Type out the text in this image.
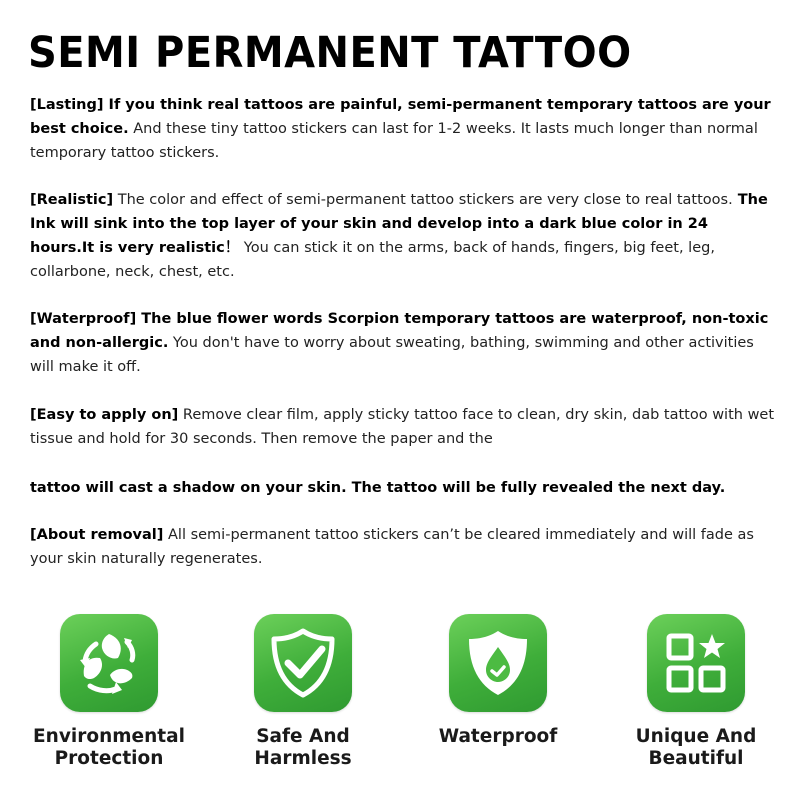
SEMI PERMANENT TATTOO

[Lasting] If you think real tattoos are painful, semi-permanent temporary tattoos are your best choice. And these tiny tattoo stickers can last for 1-2 weeks. It lasts much longer than normal temporary tattoo stickers.

[Realistic] The color and effect of semi-permanent tattoo stickers are very close to real tattoos. The Ink will sink into the top layer of your skin and develop into a dark blue color in 24 hours.It is very realistic！ You can stick it on the arms, back of hands, fingers, big feet, leg, collarbone, neck, chest, etc.

[Waterproof] The blue flower words Scorpion temporary tattoos are waterproof, non-toxic and non-allergic. You don't have to worry about sweating, bathing, swimming and other activities will make it off.

[Easy to apply on] Remove clear film, apply sticky tattoo face to clean, dry skin, dab tattoo with wet tissue and hold for 30 seconds. Then remove the paper and the

tattoo will cast a shadow on your skin. The tattoo will be fully revealed the next day.

[About removal] All semi-permanent tattoo stickers can’t be cleared immediately and will fade as your skin naturally regenerates.

Environmental
Protection
Safe And
Harmless
Waterproof	Unique And
Beautiful
